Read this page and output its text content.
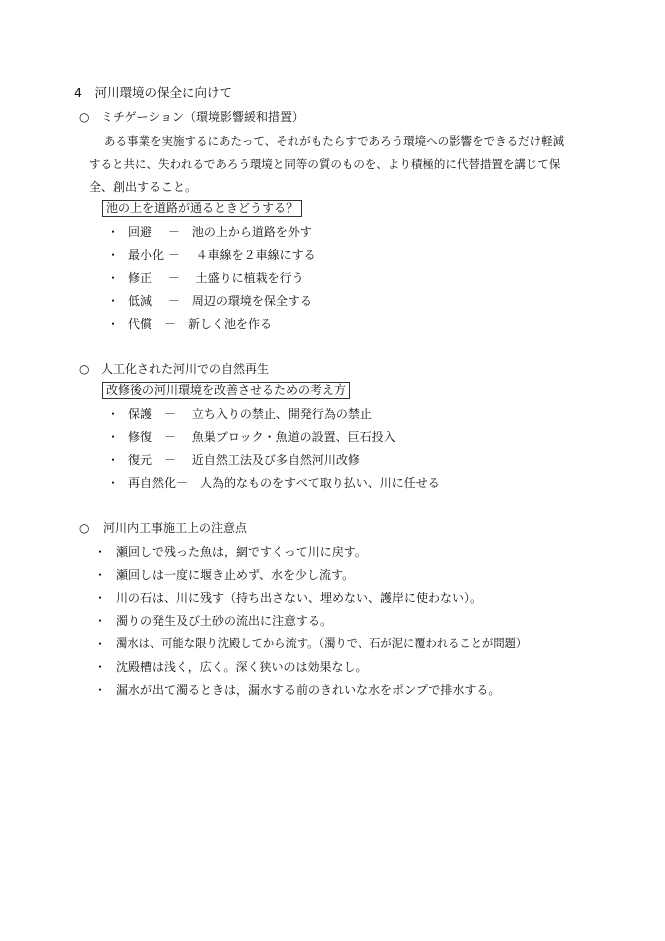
4　河川環境の保全に向けて
○ ミチゲーション（環境影響緩和措置）
ある事業を実施するにあたって、それがもたらすであろう環境への影響をできるだけ軽減
すると共に、失われるであろう環境と同等の質のものを、より積極的に代替措置を講じて保
全、創出すること。
池の上を道路が通るときどうする？
・ 回避　 －　池の上から道路を外す
・ 最小化 －　 ４車線を２車線にする
・ 修正　 －　 土盛りに植栽を行う
・ 低減　 －　周辺の環境を保全する
・ 代償　－　新しく池を作る
○ 人工化された河川での自然再生
改修後の河川環境を改善させるための考え方
・ 保護　－　 立ち入りの禁止、開発行為の禁止
・ 修復　－　 魚巣ブロック・魚道の設置、巨石投入
・ 復元　－　 近自然工法及び多自然河川改修
・ 再自然化－　人為的なものをすべて取り払い、川に任せる
○ 河川内工事施工上の注意点
・ 瀬回しで残った魚は，網ですくって川に戻す。
・ 瀬回しは一度に堰き止めず、水を少し流す。
・ 川の石は、川に残す（持ち出さない、埋めない、護岸に使わない）。
・ 濁りの発生及び土砂の流出に注意する。
・ 濁水は、可能な限り沈殿してから流す。（濁りで、石が泥に覆われることが問題）
・ 沈殿槽は浅く，広く。深く狭いのは効果なし。
・ 漏水が出て濁るときは，漏水する前のきれいな水をポンプで排水する。
